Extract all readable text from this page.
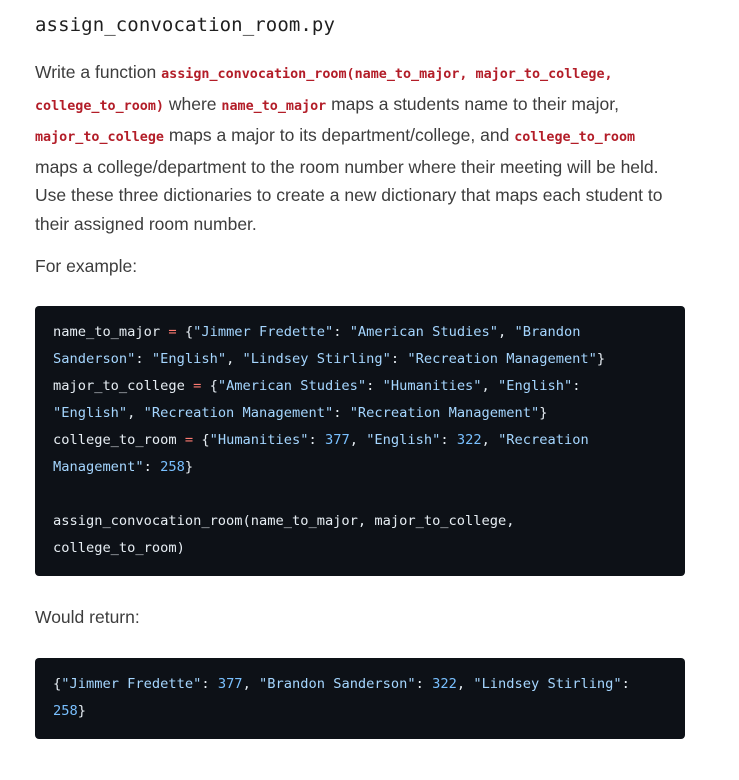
assign_convocation_room.py
Write a function assign_convocation_room(name_to_major, major_to_college,
college_to_room) where name_to_major maps a students name to their major,
major_to_college maps a major to its department/college, and college_to_room
maps a college/department to the room number where their meeting will be held.
Use these three dictionaries to create a new dictionary that maps each student to
their assigned room number.
For example:
name_to_major = {"Jimmer Fredette": "American Studies", "Brandon
Sanderson": "English", "Lindsey Stirling": "Recreation Management"}
major_to_college = {"American Studies": "Humanities", "English":
"English", "Recreation Management": "Recreation Management"}
college_to_room = {"Humanities": 377, "English": 322, "Recreation
Management": 258}
assign_convocation_room(name_to_major, major_to_college,
college_to_room)
Would return:
{"Jimmer Fredette": 377, "Brandon Sanderson": 322, "Lindsey Stirling":
258}
